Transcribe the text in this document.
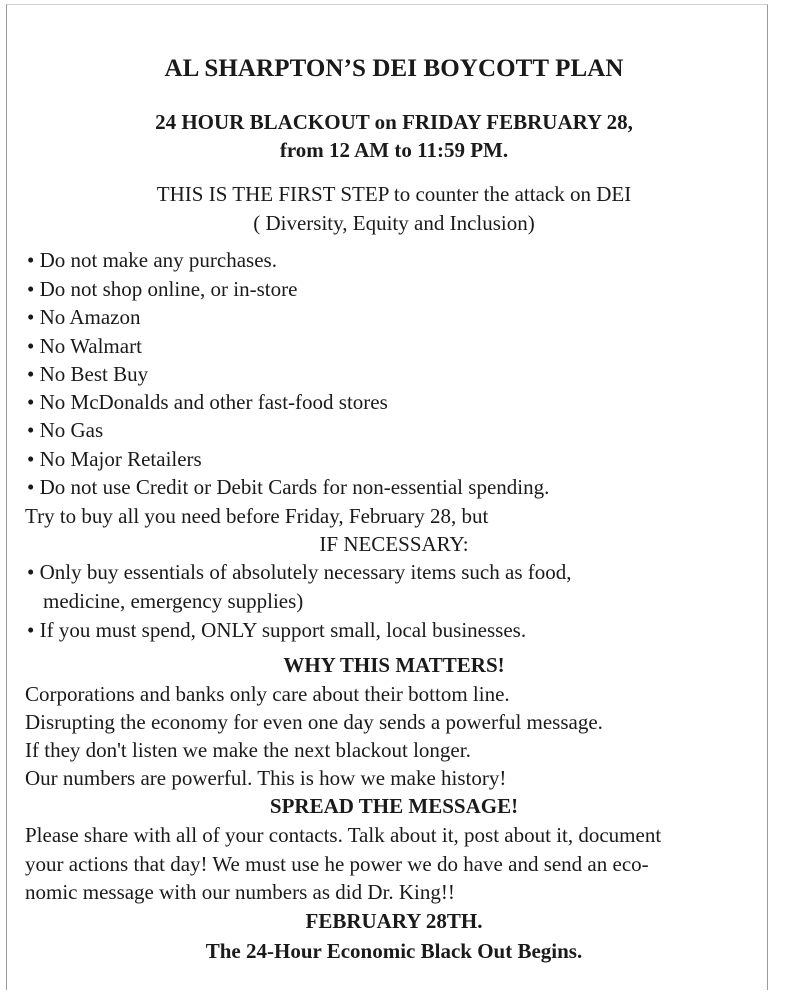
AL SHARPTON’S DEI BOYCOTT PLAN
24 HOUR BLACKOUT on FRIDAY FEBRUARY 28,
from 12 AM to 11:59 PM.
THIS IS THE FIRST STEP to counter the attack on DEI
( Diversity, Equity and Inclusion)
• Do not make any purchases.
• Do not shop online, or in-store
• No Amazon
• No Walmart
• No Best Buy
• No McDonalds and other fast-food stores
• No Gas
• No Major Retailers
• Do not use Credit or Debit Cards for non-essential spending.
Try to buy all you need before Friday, February 28, but
IF NECESSARY:
• Only buy essentials of absolutely necessary items such as food,
medicine, emergency supplies)
• If you must spend, ONLY support small, local businesses.
WHY THIS MATTERS!
Corporations and banks only care about their bottom line.
Disrupting the economy for even one day sends a powerful message.
If they don't listen we make the next blackout longer.
Our numbers are powerful. This is how we make history!
SPREAD THE MESSAGE!
Please share with all of your contacts. Talk about it, post about it, document
your actions that day! We must use he power we do have and send an eco-
nomic message with our numbers as did Dr. King!!
FEBRUARY 28TH.
The 24-Hour Economic Black Out Begins.
